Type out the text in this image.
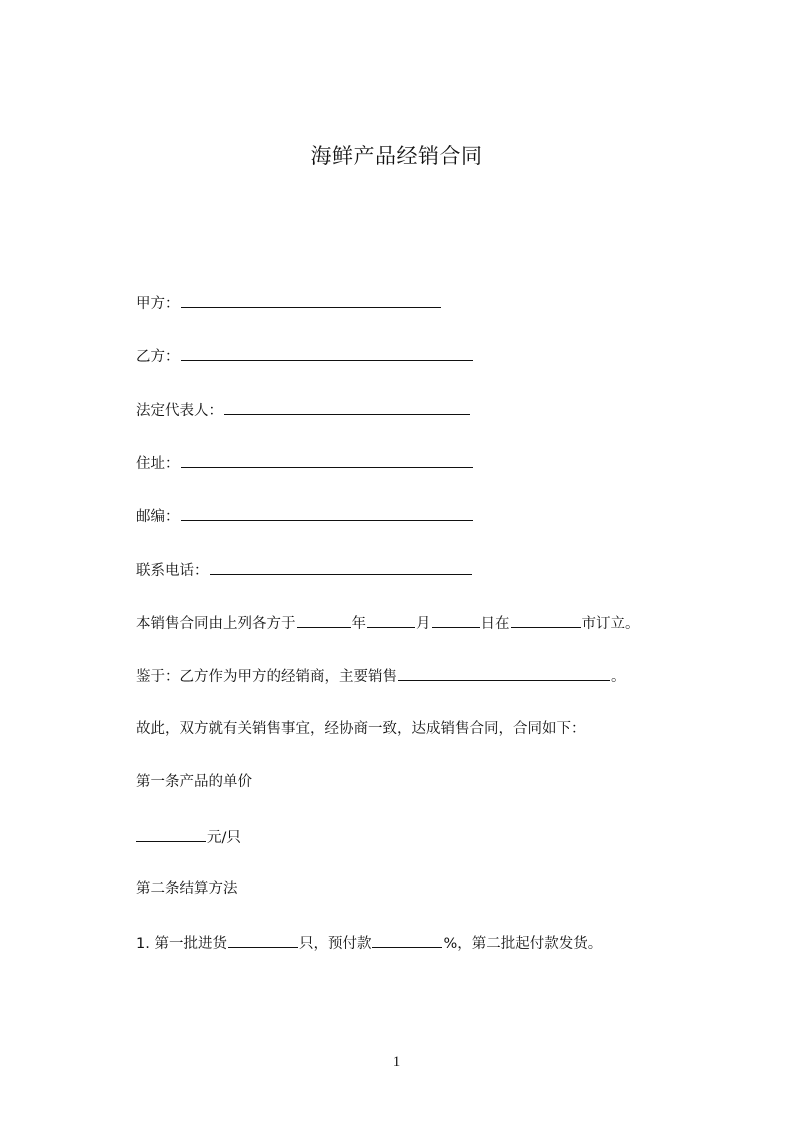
海鲜产品经销合同
甲方：
乙方：
法定代表人：
住址：
邮编：
联系电话：
本销售合同由上列各方于	年	月	日在	市订立。
鉴于：乙方作为甲方的经销商，主要销售	。
故此，双方就有关销售事宜，经协商一致，达成销售合同，合同如下：
第一条产品的单价
元/只
第二条结算方法
1. 第一批进货	只，预付款	%，第二批起付款发货。
1
